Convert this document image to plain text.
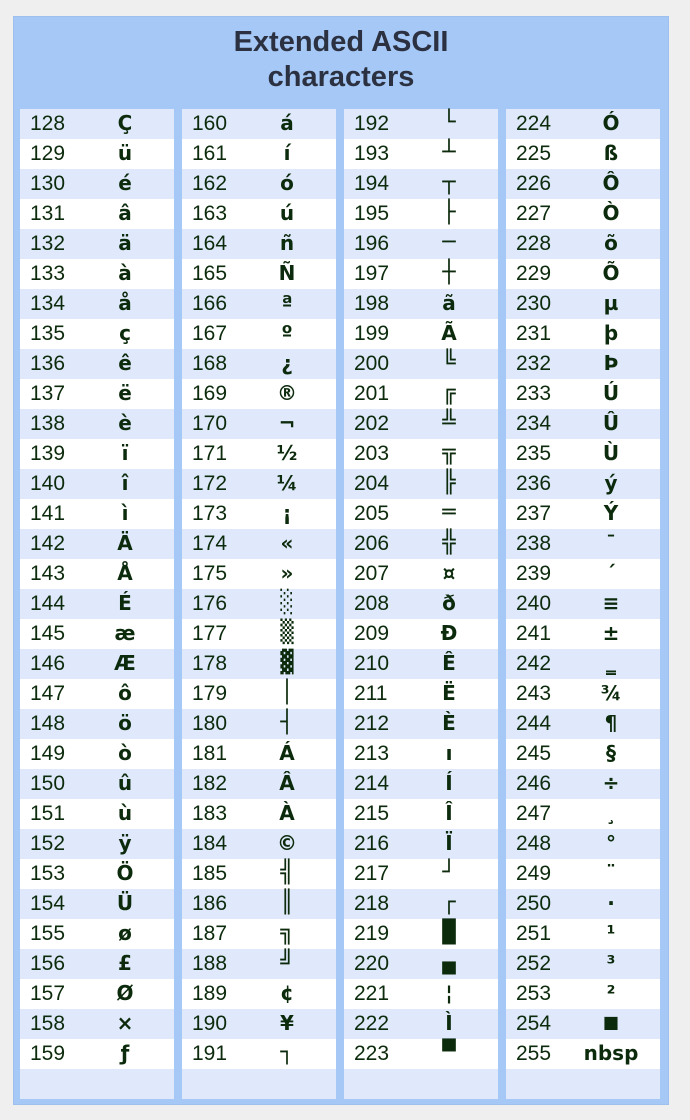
Extended ASCII
characters
128	Ç
129	ü
130	é
131	â
132	ä
133	à
134	å
135	ç
136	ê
137	ë
138	è
139	ï
140	î
141	ì
142	Ä
143	Å
144	É
145	æ
146	Æ
147	ô
148	ö
149	ò
150	û
151	ù
152	ÿ
153	Ö
154	Ü
155	ø
156	£
157	Ø
158	×
159	ƒ
160	á
161	í
162	ó
163	ú
164	ñ
165	Ñ
166	ª
167	º
168	¿
169	®
170	¬
171	½
172	¼
173	¡
174	«
175	»
176	░
177	▒
178	▓
179	│
180	┤
181	Á
182	Â
183	À
184	©
185	╣
186	║
187	╗
188	╝
189	¢
190	¥
191	┐
192	└
193	┴
194	┬
195	├
196	─
197	┼
198	ã
199	Ã
200	╚
201	╔
202	╩
203	╦
204	╠
205	═
206	╬
207	¤
208	ð
209	Ð
210	Ê
211	Ë
212	È
213	ı
214	Í
215	Î
216	Ï
217	┘
218	┌
219	█
220	▄
221	¦
222	Ì
223	▀
224	Ó
225	ß
226	Ô
227	Ò
228	õ
229	Õ
230	µ
231	þ
232	Þ
233	Ú
234	Û
235	Ù
236	ý
237	Ý
238	¯
239	´
240	≡
241	±
242	‗
243	¾
244	¶
245	§
246	÷
247	¸
248	°
249	¨
250	·
251	¹
252	³
253	²
254	■
255	nbsp
